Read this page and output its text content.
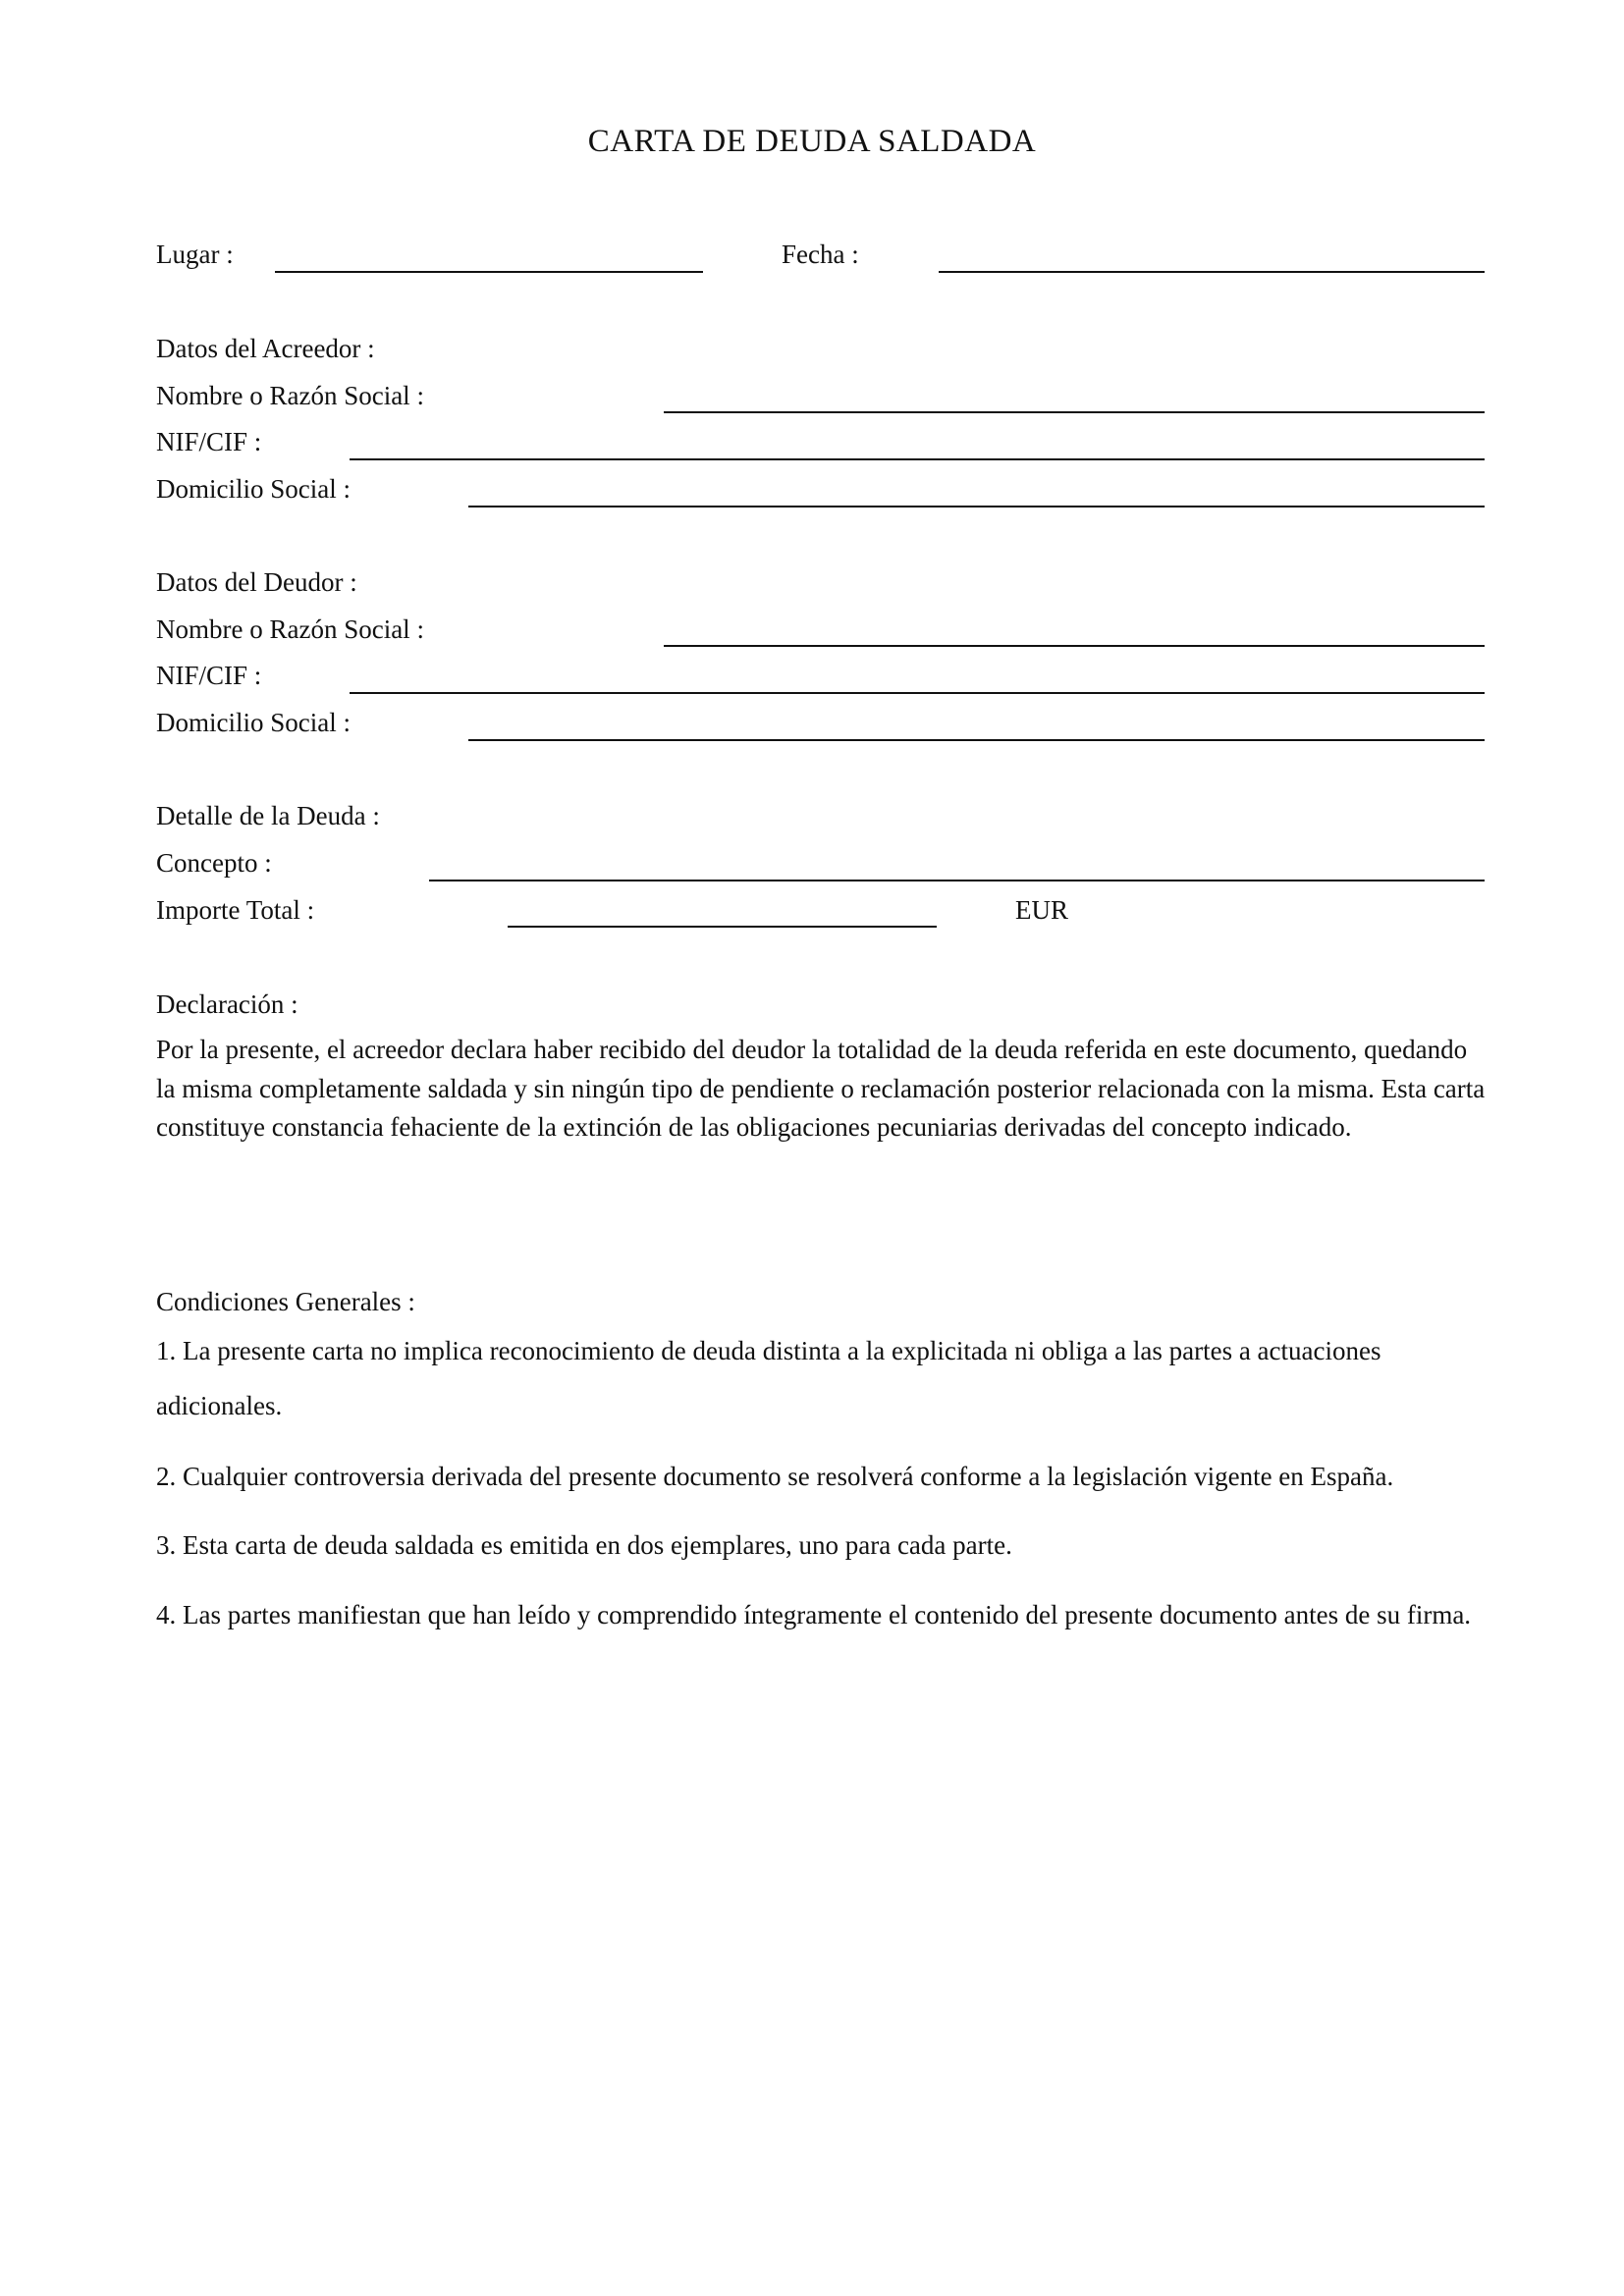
CARTA DE DEUDA SALDADA
Lugar :	Fecha :
Datos del Acreedor :
Nombre o Razón Social :
NIF/CIF :
Domicilio Social :
Datos del Deudor :
Nombre o Razón Social :
NIF/CIF :
Domicilio Social :
Detalle de la Deuda :
Concepto :
Importe Total :	EUR
Declaración :
Por la presente, el acreedor declara haber recibido del deudor la totalidad de la deuda referida en este documento, quedando la misma completamente saldada y sin ningún tipo de pendiente o reclamación posterior relacionada con la misma. Esta carta constituye constancia fehaciente de la extinción de las obligaciones pecuniarias derivadas del concepto indicado.
Condiciones Generales :
1. La presente carta no implica reconocimiento de deuda distinta a la explicitada ni obliga a las partes a actuaciones adicionales.
2. Cualquier controversia derivada del presente documento se resolverá conforme a la legislación vigente en España.
3. Esta carta de deuda saldada es emitida en dos ejemplares, uno para cada parte.
4. Las partes manifiestan que han leído y comprendido íntegramente el contenido del presente documento antes de su firma.
